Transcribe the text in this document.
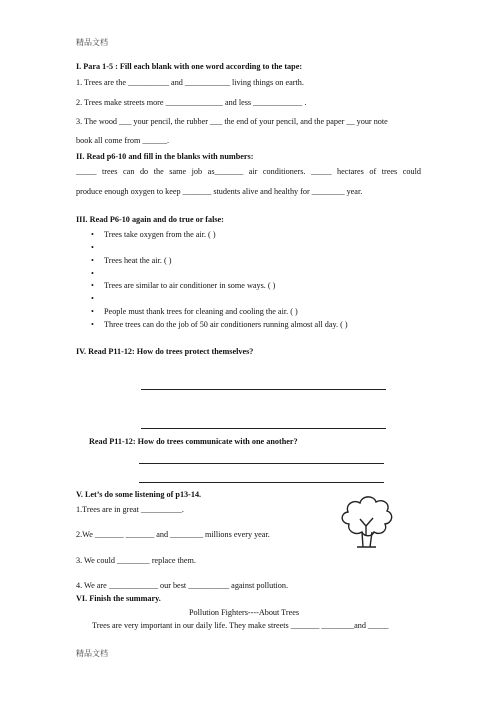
精品文档
I. Para 1-5 : Fill each blank with one word according to the tape:
1. Trees are the __________ and ___________ living things on earth.
2. Trees make streets more ______________ and less ____________ .
3. The wood ___ your pencil, the rubber ___ the end of your pencil, and the paper __ your note
book all come from ______.
II. Read p6-10 and fill in the blanks with numbers:
_____ trees can do the same job as_______ air conditioners. _____ hectares of trees could
produce enough oxygen to keep _______ students alive and healthy for ________ year.
III. Read P6-10 again and do true or false:
• Trees take oxygen from the air. ( )
• Trees heat the air. ( )
• Trees are similar to air conditioner in some ways. ( )
• People must thank trees for cleaning and cooling the air. ( )
• Three trees can do the job of 50 air conditioners running almost all day. ( )
IV. Read P11-12: How do trees protect themselves?
Read P11-12: How do trees communicate with one another?
V. Let’s do some listening of p13-14.
1.Trees are in great __________.
2.We _______ _______ and ________ millions every year.
3. We could ________ replace them.
4. We are ____________ our best __________ against pollution.
VI. Finish the summary.
Pollution Fighters----About Trees
Trees are very important in our daily life. They make streets _______ ________and _____
精品文档
